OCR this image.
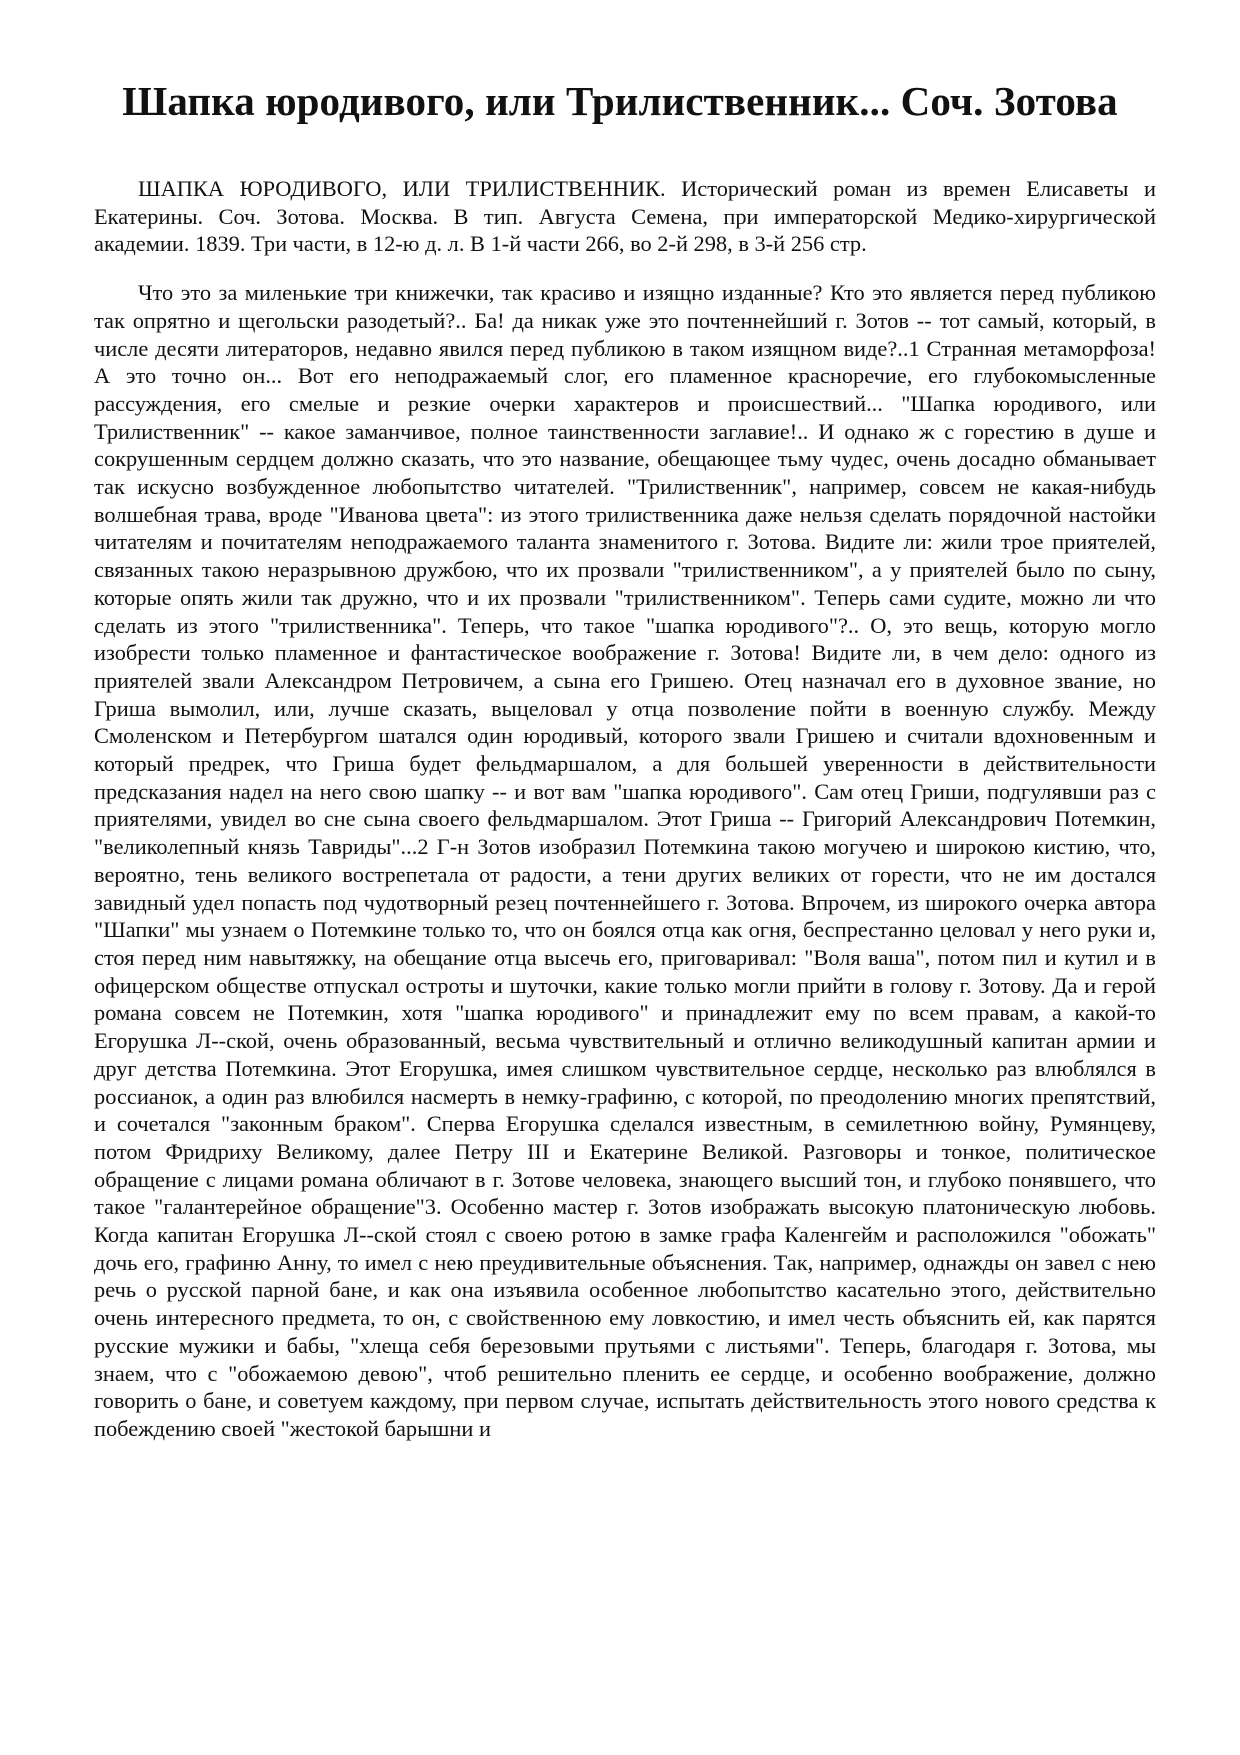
Шапка юродивого, или Трилиственник... Соч. Зотова

ШАПКА ЮРОДИВОГО, ИЛИ ТРИЛИСТВЕННИК. Исторический роман из времен Елисаветы и Екатерины. Соч. Зотова. Москва. В тип. Августа Семена, при императорской Медико-хирургической академии. 1839. Три части, в 12-ю д. л. В 1-й части 266, во 2-й 298, в 3-й 256 стр.

Что это за миленькие три книжечки, так красиво и изящно изданные? Кто это является перед публикою так опрятно и щегольски разодетый?.. Ба! да никак уже это почтеннейший г. Зотов -- тот самый, который, в числе десяти литераторов, недавно явился перед публикою в таком изящном виде?..1 Странная метаморфоза! А это точно он... Вот его неподражаемый слог, его пламенное красноречие, его глубокомысленные рассуждения, его смелые и резкие очерки характеров и происшествий... "Шапка юродивого, или Трилиственник" -- какое заманчивое, полное таинственности заглавие!.. И однако ж с горестию в душе и сокрушенным сердцем должно сказать, что это название, обещающее тьму чудес, очень досадно обманывает так искусно возбужденное любопытство читателей. "Трилиственник", например, совсем не какая-нибудь волшебная трава, вроде "Иванова цвета": из этого трилиственника даже нельзя сделать порядочной настойки читателям и почитателям неподражаемого таланта знаменитого г. Зотова. Видите ли: жили трое приятелей, связанных такою неразрывною дружбою, что их прозвали "трилиственником", а у приятелей было по сыну, которые опять жили так дружно, что и их прозвали "трилиственником". Теперь сами судите, можно ли что сделать из этого "трилиственника". Теперь, что такое "шапка юродивого"?.. О, это вещь, которую могло изобрести только пламенное и фантастическое воображение г. Зотова! Видите ли, в чем дело: одного из приятелей звали Александром Петровичем, а сына его Гришею. Отец назначал его в духовное звание, но Гриша вымолил, или, лучше сказать, выцеловал у отца позволение пойти в военную службу. Между Смоленском и Петербургом шатался один юродивый, которого звали Гришею и считали вдохновенным и который предрек, что Гриша будет фельдмаршалом, а для большей уверенности в действительности предсказания надел на него свою шапку -- и вот вам "шапка юродивого". Сам отец Гриши, подгулявши раз с приятелями, увидел во сне сына своего фельдмаршалом. Этот Гриша -- Григорий Александрович Потемкин, "великолепный князь Тавриды"...2 Г-н Зотов изобразил Потемкина такою могучею и широкою кистию, что, вероятно, тень великого вострепетала от радости, а тени других великих от горести, что не им достался завидный удел попасть под чудотворный резец почтеннейшего г. Зотова. Впрочем, из широкого очерка автора "Шапки" мы узнаем о Потемкине только то, что он боялся отца как огня, беспрестанно целовал у него руки и, стоя перед ним навытяжку, на обещание отца высечь его, приговаривал: "Воля ваша", потом пил и кутил и в офицерском обществе отпускал остроты и шуточки, какие только могли прийти в голову г. Зотову. Да и герой романа совсем не Потемкин, хотя "шапка юродивого" и принадлежит ему по всем правам, а какой-то Егорушка Л--ской, очень образованный, весьма чувствительный и отлично великодушный капитан армии и друг детства Потемкина. Этот Егорушка, имея слишком чувствительное сердце, несколько раз влюблялся в россианок, а один раз влюбился насмерть в немку-графиню, с которой, по преодолению многих препятствий, и сочетался "законным браком". Сперва Егорушка сделался известным, в семилетнюю войну, Румянцеву, потом Фридриху Великому, далее Петру III и Екатерине Великой. Разговоры и тонкое, политическое обращение с лицами романа обличают в г. Зотове человека, знающего высший тон, и глубоко понявшего, что такое "галантерейное обращение"3. Особенно мастер г. Зотов изображать высокую платоническую любовь. Когда капитан Егорушка Л--ской стоял с своею ротою в замке графа Каленгейм и расположился "обожать" дочь его, графиню Анну, то имел с нею преудивительные объяснения. Так, например, однажды он завел с нею речь о русской парной бане, и как она изъявила особенное любопытство касательно этого, действительно очень интересного предмета, то он, с свойственною ему ловкостию, и имел честь объяснить ей, как парятся русские мужики и бабы, "хлеща себя березовыми прутьями с листьями". Теперь, благодаря г. Зотова, мы знаем, что с "обожаемою девою", чтоб решительно пленить ее сердце, и особенно воображение, должно говорить о бане, и советуем каждому, при первом случае, испытать действительность этого нового средства к побеждению своей "жестокой барышни и
